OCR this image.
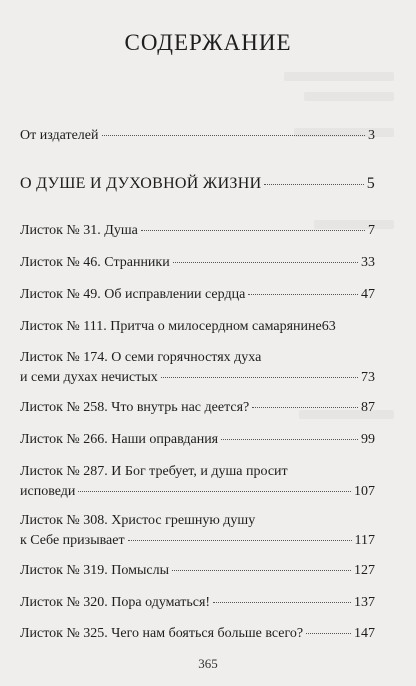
СОДЕРЖАНИЕ
От издателей	3
О ДУШЕ И ДУХОВНОЙ ЖИЗНИ	5
Листок № 31. Душа	7
Листок № 46. Странники	33
Листок № 49. Об исправлении сердца	47
Листок № 111. Притча о милосердном самарянине 63
Листок № 174. О семи горячностях духа
и семи духах нечистых	73
Листок № 258. Что внутрь нас деется?	87
Листок № 266. Наши оправдания	99
Листок № 287. И Бог требует, и душа просит
исповеди	107
Листок № 308. Христос грешную душу
к Себе призывает	117
Листок № 319. Помыслы	127
Листок № 320. Пора одуматься!	137
Листок № 325. Чего нам бояться больше всего?	147
365
